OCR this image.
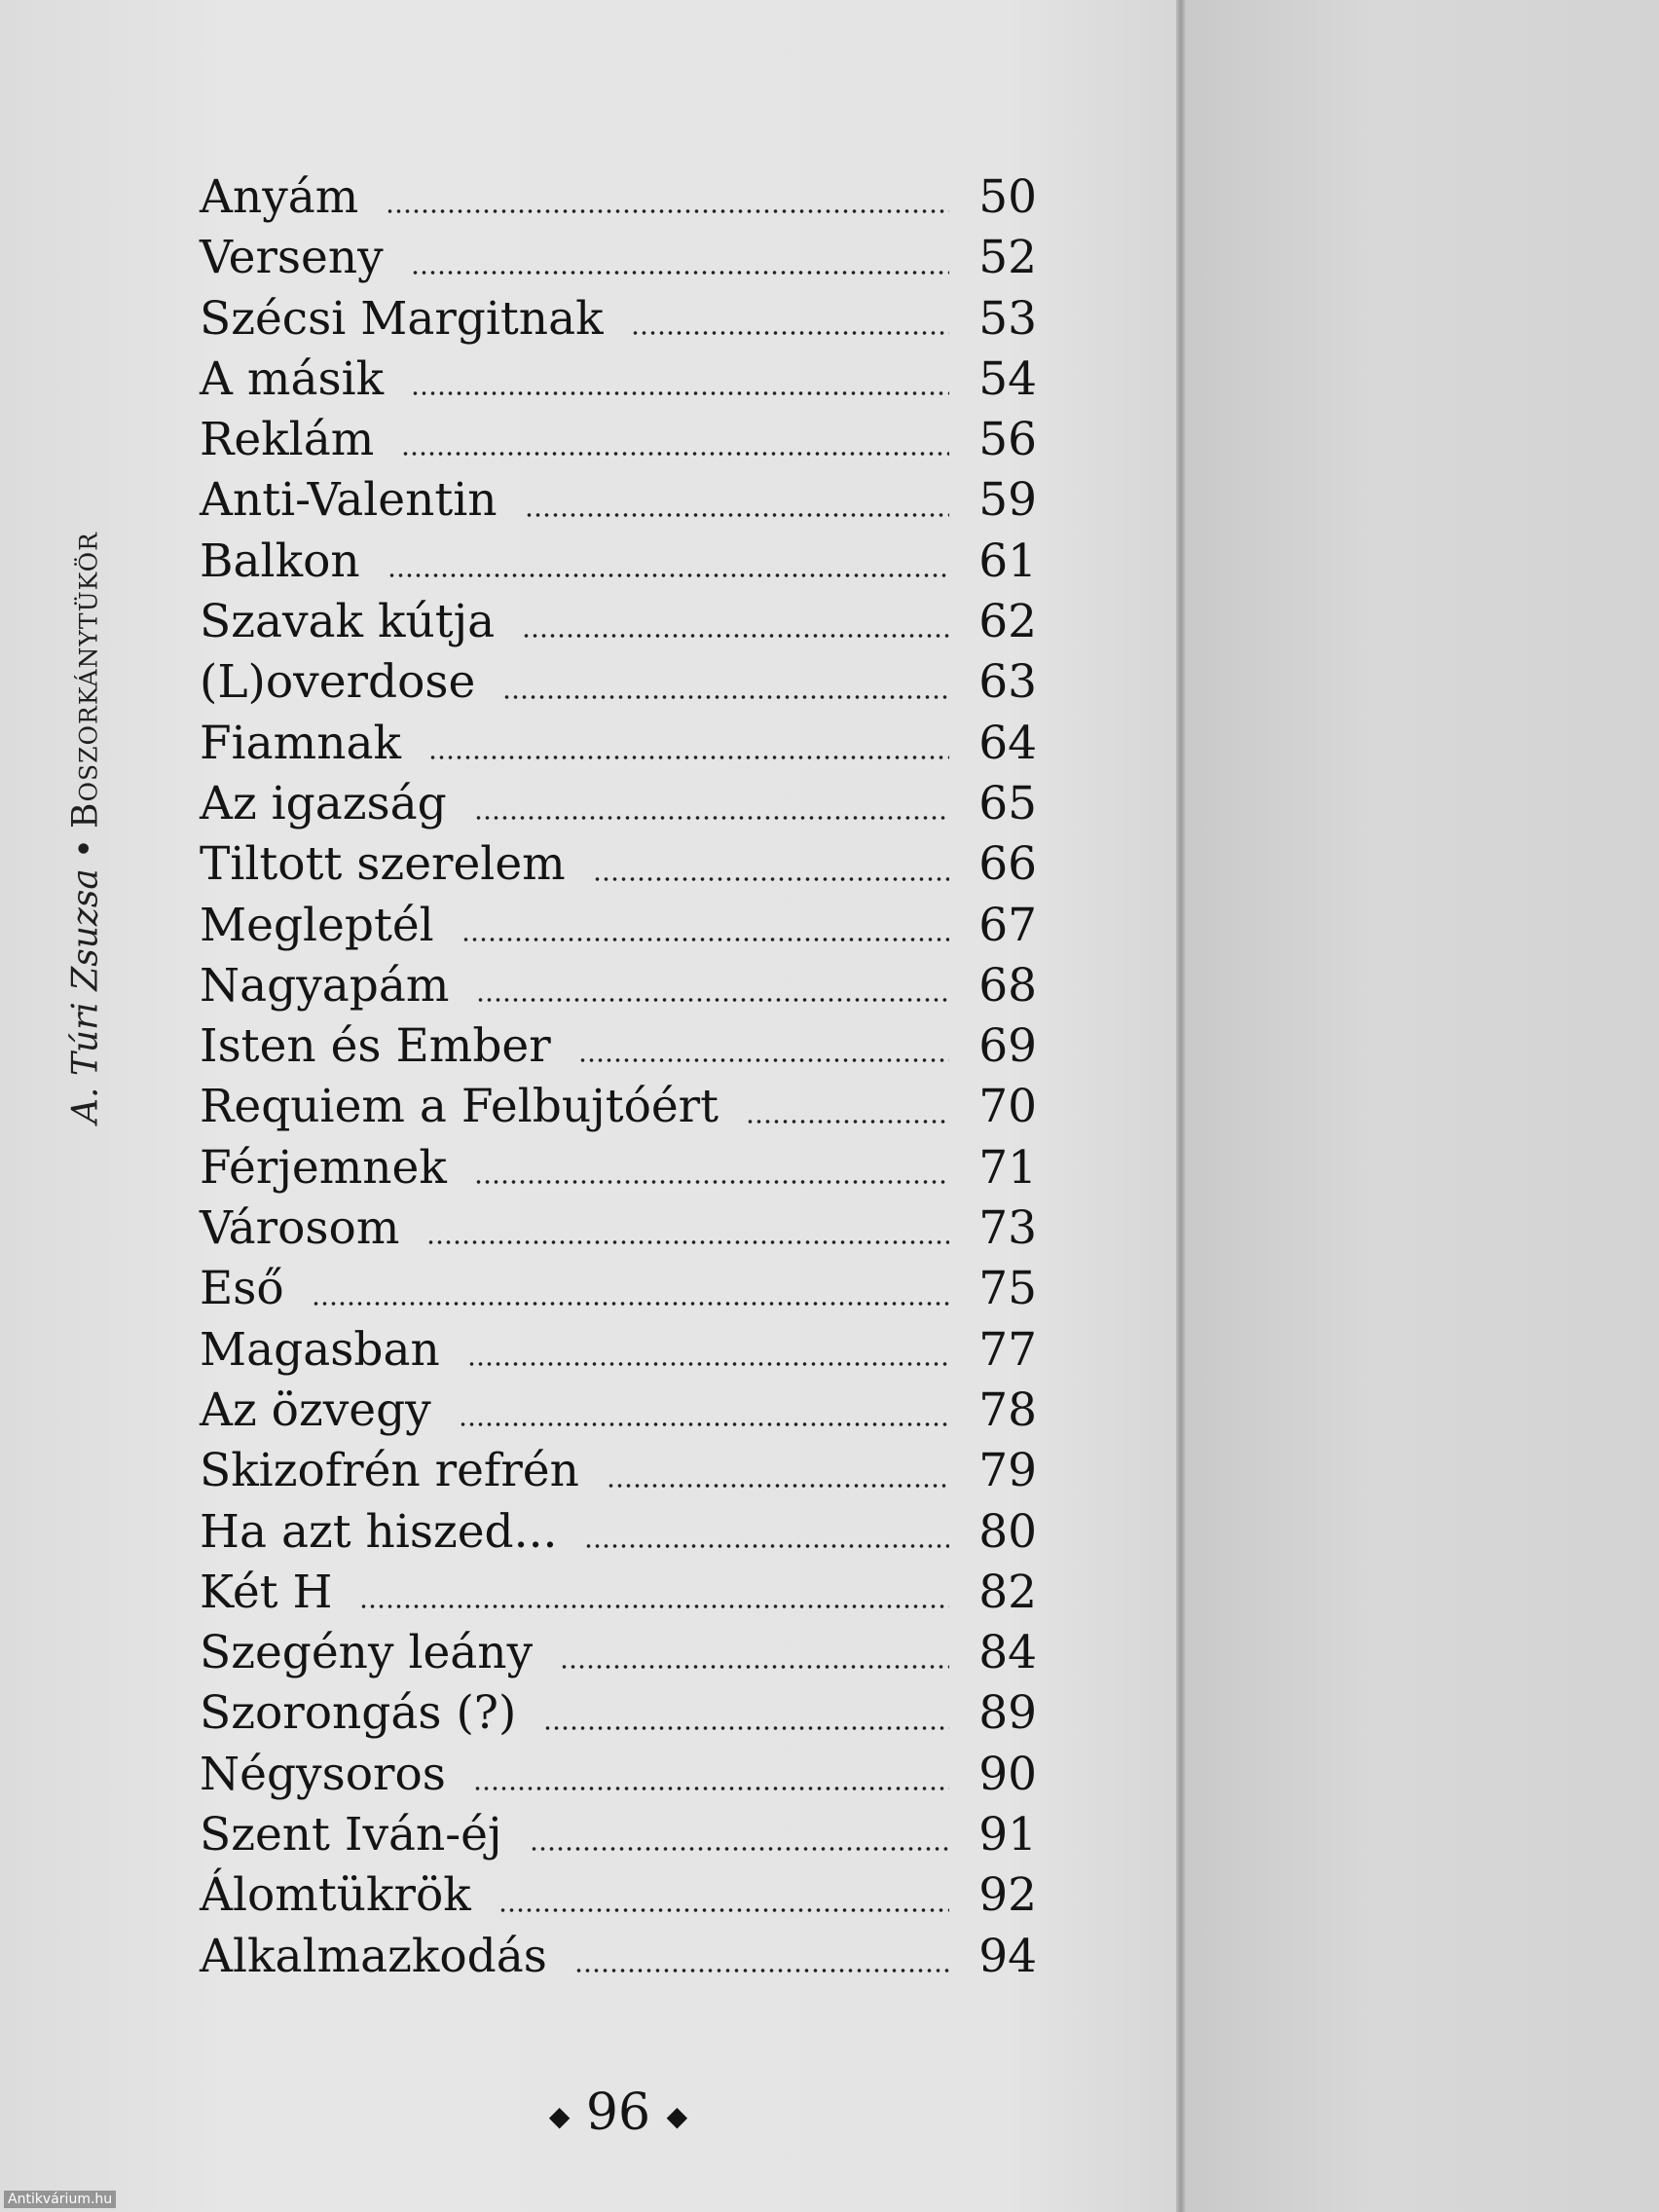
A. Túri Zsuzsa•Boszorkánytükör
Anyám	50
Verseny	52
Szécsi Margitnak	53
A másik	54
Reklám	56
Anti-Valentin	59
Balkon	61
Szavak kútja	62
(L)overdose	63
Fiamnak	64
Az igazság	65
Tiltott szerelem	66
Megleptél	67
Nagyapám	68
Isten és Ember	69
Requiem a Felbujtóért	70
Férjemnek	71
Városom	73
Eső	75
Magasban	77
Az özvegy	78
Skizofrén refrén	79
Ha azt hiszed...	80
Két H	82
Szegény leány	84
Szorongás (?)	89
Négysoros	90
Szent Iván-éj	91
Álomtükrök	92
Alkalmazkodás	94
◆ 96 ◆
Antikvárium.hu
